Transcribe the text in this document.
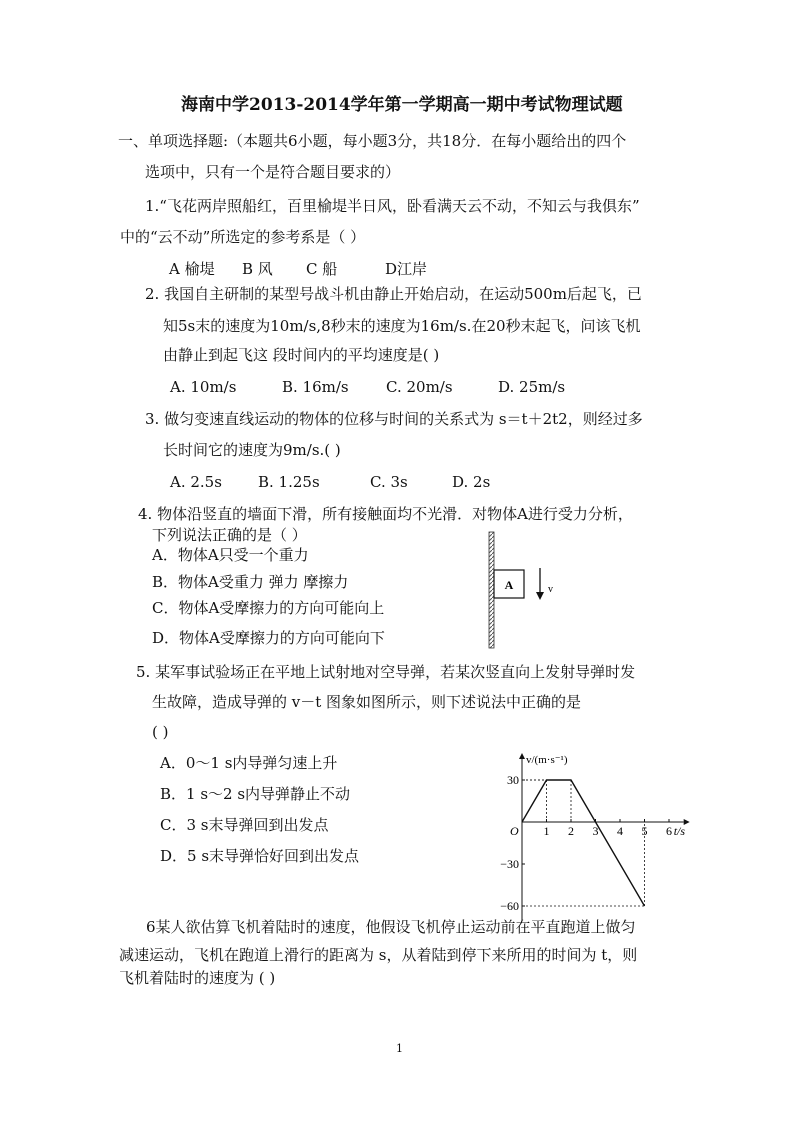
海南中学2013-2014学年第一学期高一期中考试物理试题
一、单项选择题:（本题共6小题，每小题3分，共18分．在每小题给出的四个
选项中，只有一个是符合题目要求的）
1.“飞花两岸照船红，百里榆堤半日风，卧看满天云不动，不知云与我俱东”
中的“云不动”所选定的参考系是（ ）
A 榆堤 B 风 C 船	D江岸
2. 我国自主研制的某型号战斗机由静止开始启动，在运动500m后起飞，已
知5s末的速度为10m/s,8秒末的速度为16m/s.在20秒末起飞，问该飞机
由静止到起飞这 段时间内的平均速度是( )
A. 10m/s	B. 16m/s C. 20m/s	D. 25m/s
3. 做匀变速直线运动的物体的位移与时间的关系式为 s＝t＋2t2，则经过多
长时间它的速度为9m/s.( )
A. 2.5s B. 1.25s	C. 3s	D. 2s
4. 物体沿竖直的墙面下滑，所有接触面均不光滑．对物体A进行受力分析，
下列说法正确的是（ ）
A．物体A只受一个重力
B．物体A受重力 弹力 摩擦力
C．物体A受摩擦力的方向可能向上
D．物体A受摩擦力的方向可能向下
A	v
5. 某军事试验场正在平地上试射地对空导弹，若某次竖直向上发射导弹时发
生故障，造成导弹的 v－t 图象如图所示，则下述说法中正确的是
( )
A．0～1 s内导弹匀速上升
B．1 s～2 s内导弹静止不动
C．3 s末导弹回到出发点
D．5 s末导弹恰好回到出发点
1 2 3 4 5 6
30
−30
−60
v/(m·s⁻¹)
t/s
O
6某人欲估算飞机着陆时的速度，他假设飞机停止运动前在平直跑道上做匀
减速运动，飞机在跑道上滑行的距离为 s，从着陆到停下来所用的时间为 t，则
飞机着陆时的速度为 ( )
1
